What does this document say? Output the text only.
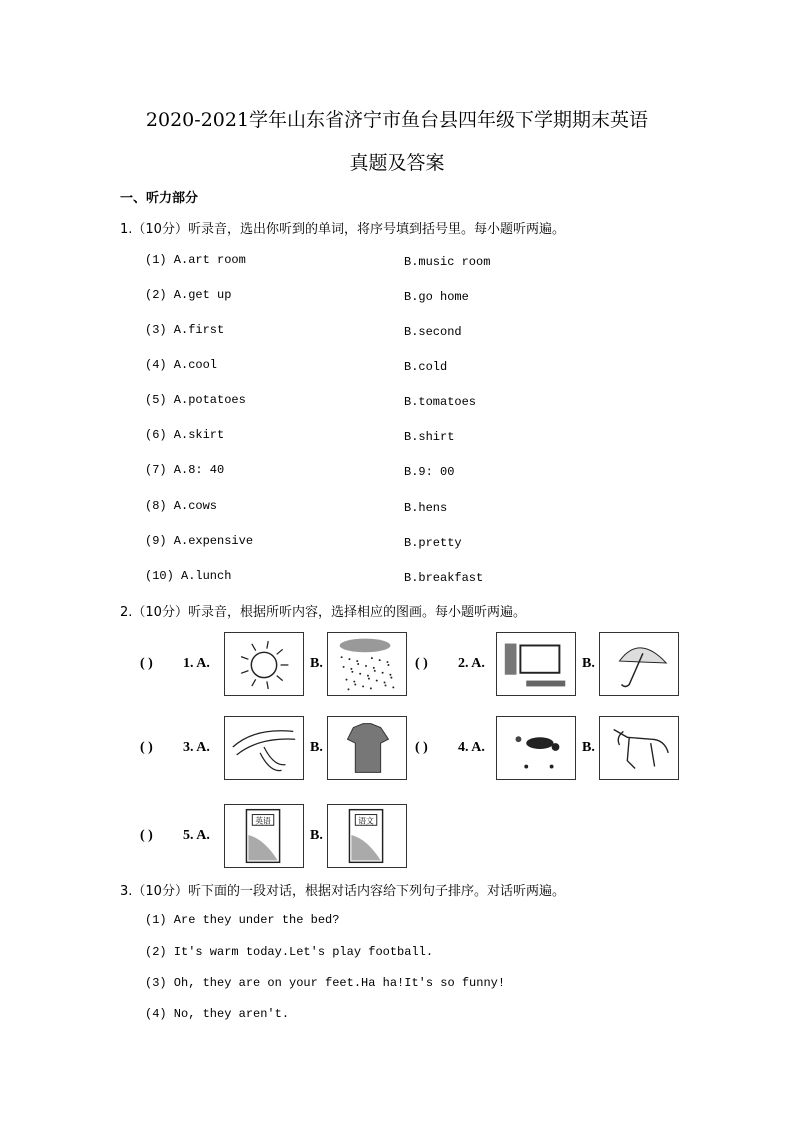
2020-2021学年山东省济宁市鱼台县四年级下学期期末英语
真题及答案
一、听力部分
1.（10分）听录音，选出你听到的单词，将序号填到括号里。每小题听两遍。
2.（10分）听录音，根据所听内容，选择相应的图画。每小题听两遍。
3.（10分）听下面的一段对话，根据对话内容给下列句子排序。对话听两遍。
(1) A.art room	B.music room
(2) A.get up	B.go home
(3) A.first	B.second
(4) A.cool	B.cold
(5) A.potatoes	B.tomatoes
(6) A.skirt	B.shirt
(7) A.8: 40	B.9: 00
(8) A.cows	B.hens
(9) A.expensive	B.pretty
(10) A.lunch	B.breakfast
( ) 1. A.	B.	( ) 2. A.	B.
( ) 3. A.	B.	( ) 4. A.	B.
( ) 5. A.
英语
B.
语文
(1) Are they under the bed?
(2) It's warm today.Let's play football.
(3) Oh, they are on your feet.Ha ha!It's so funny!
(4) No, they aren't.
